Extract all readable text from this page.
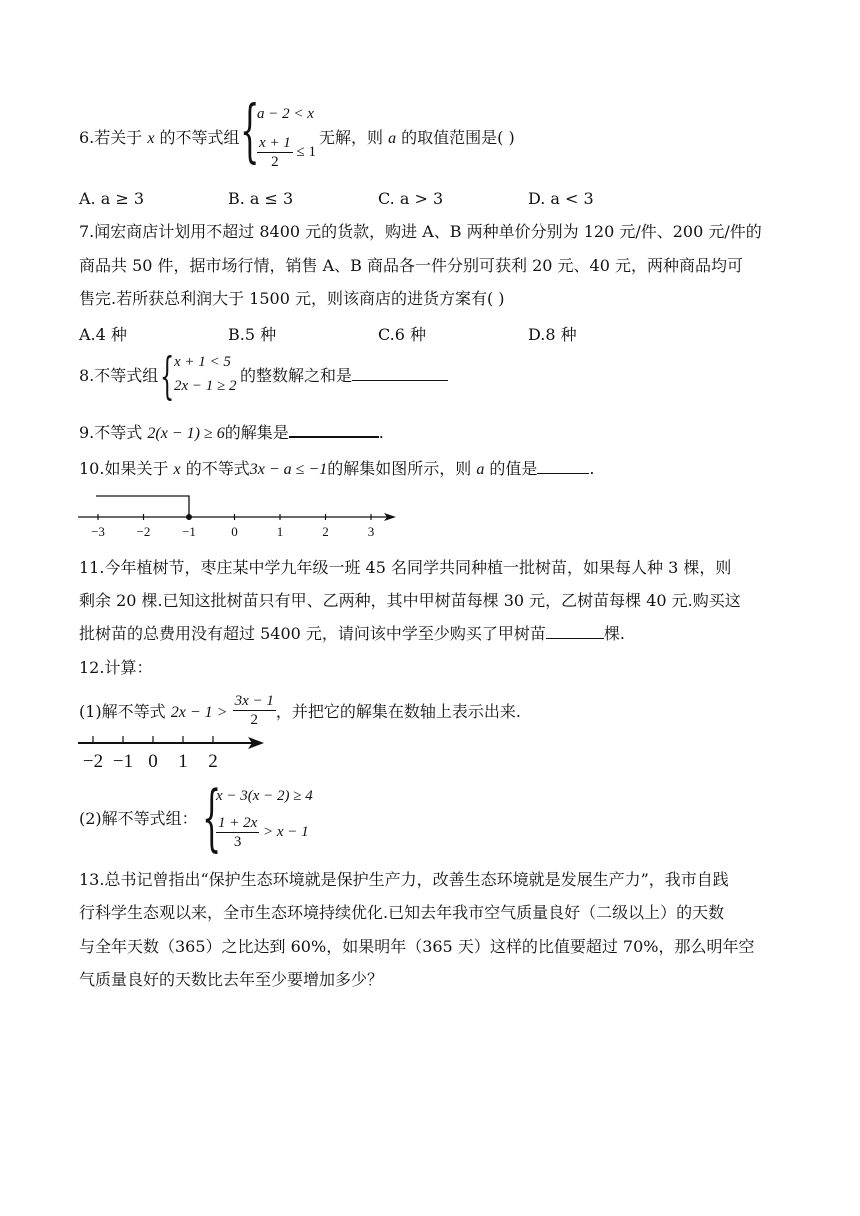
6.若关于 x 的不等式组 {
a − 2 < x
$\frac{x + 1}{2} \le 1$
无解，则 a 的取值范围是( )
A. a ≥ 3	B. a ≤ 3	C. a > 3	D. a < 3
7.闻宏商店计划用不超过 8400 元的货款，购进 A、B 两种单价分别为 120 元/件、200 元/件的
商品共 50 件，据市场行情，销售 A、B 商品各一件分别可获利 20 元、40 元，两种商品均可
售完.若所获总利润大于 1500 元，则该商店的进货方案有( )
A.4 种	B.5 种	C.6 种	D.8 种
8.不等式组 { x + 1 < 5
2x − 1 ≥ 2
的整数解之和是
9.不等式 2(x − 1) ≥ 6的解集是	.
10.如果关于 x 的不等式3x − a ≤ −1的解集如图所示，则 a 的值是	.
−3 −2 −1	0	1	2	3
11.今年植树节，枣庄某中学九年级一班 45 名同学共同种植一批树苗，如果每人种 3 棵，则
剩余 20 棵.已知这批树苗只有甲、乙两种，其中甲树苗每棵 30 元，乙树苗每棵 40 元.购买这
批树苗的总费用没有超过 5400 元，请问该中学至少购买了甲树苗	棵.
12.计算：
(1)解不等式 $2x - 1 > \frac{3x - 1}{2}$ ，并把它的解集在数轴上表示出来.
−2 −1 0 1 2
(2)解不等式组： {
x − 3(x − 2) ≥ 4
$\frac{1 + 2x}{3} > x - 1$
13.总书记曾指出“保护生态环境就是保护生产力，改善生态环境就是发展生产力”，我市自践
行科学生态观以来，全市生态环境持续优化.已知去年我市空气质量良好（二级以上）的天数
与全年天数（365）之比达到 60%，如果明年（365 天）这样的比值要超过 70%，那么明年空
气质量良好的天数比去年至少要增加多少？
